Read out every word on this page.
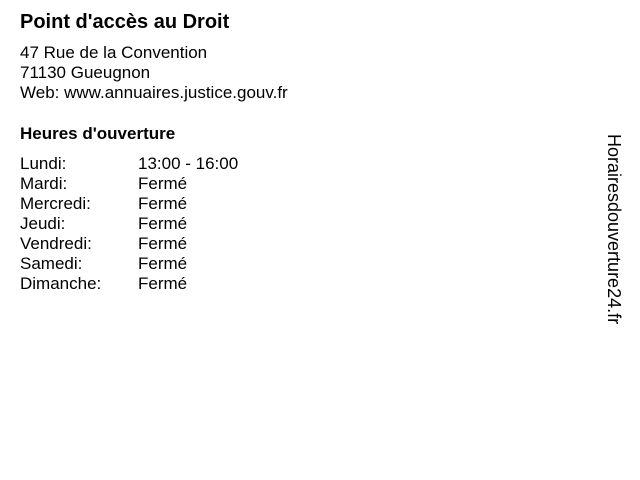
Point d'accès au Droit
47 Rue de la Convention
71130 Gueugnon
Web: www.annuaires.justice.gouv.fr
Heures d'ouverture
Lundi:	13:00 - 16:00
Mardi:	Fermé
Mercredi:	Fermé
Jeudi:	Fermé
Vendredi:	Fermé
Samedi:	Fermé
Dimanche: Fermé	Horairesdouverture24.fr
